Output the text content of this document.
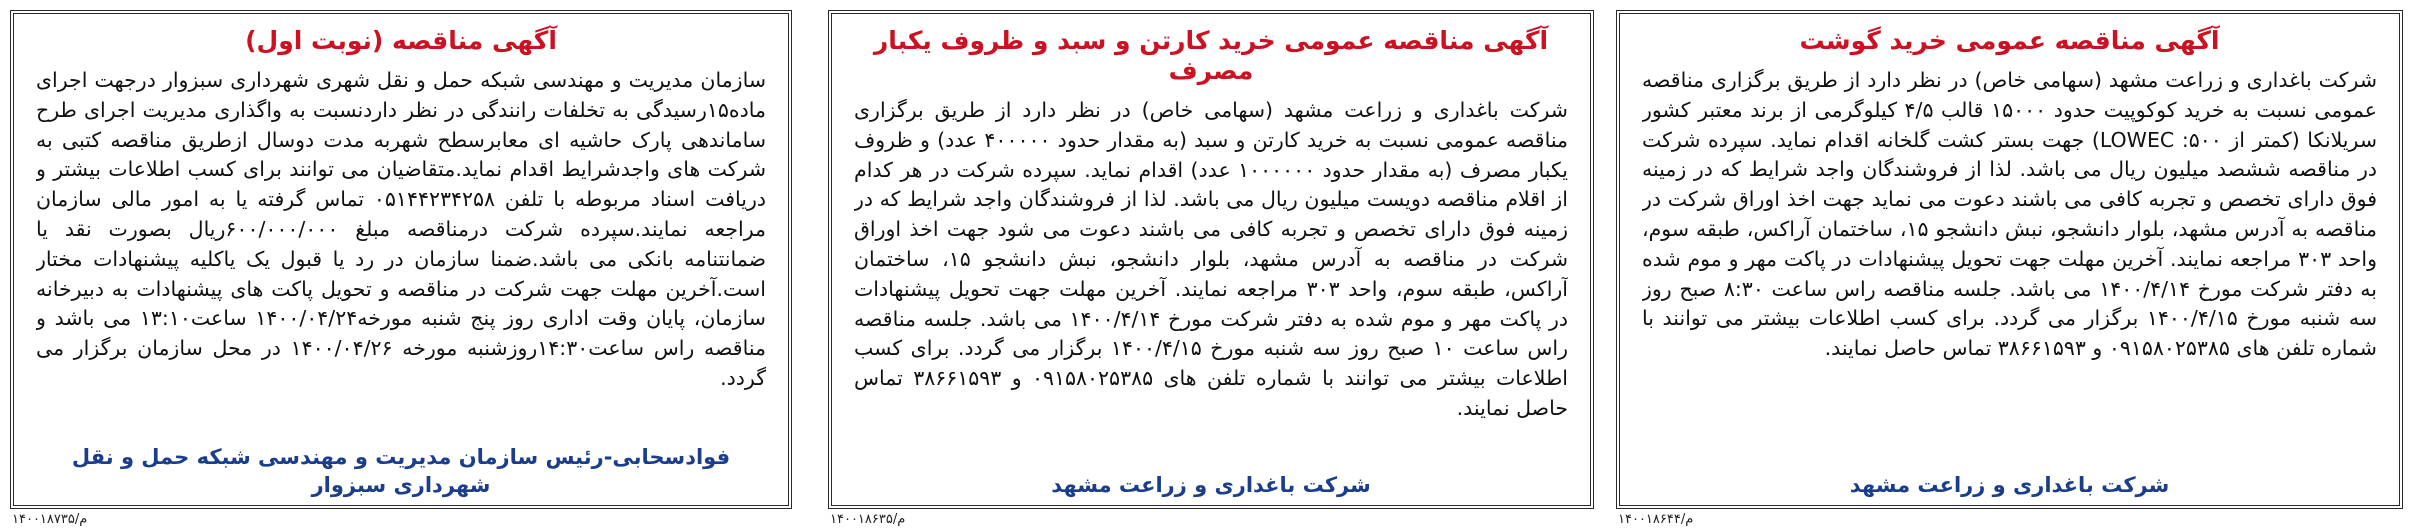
آگهی مناقصه (نوبت اول)
سازمان مدیریت و مهندسی شبکه حمل و نقل شهری شهرداری سبزوار درجهت اجرای ماده۱۵رسیدگی به تخلفات رانندگی در نظر داردنسبت به واگذاری مدیریت اجرای طرح ساماندهی پارک حاشیه ای معابرسطح شهربه مدت دوسال ازطریق مناقصه کتبی به شرکت های واجدشرایط اقدام نماید.متقاضیان می توانند برای کسب اطلاعات بیشتر و دریافت اسناد مربوطه با تلفن ۰۵۱۴۴۲۳۴۲۵۸ تماس گرفته یا به امور مالی سازمان مراجعه نمایند.سپرده شرکت درمناقصه مبلغ ۶۰۰/۰۰۰/۰۰۰ریال بصورت نقد یا ضمانتنامه بانکی می باشد.ضمنا سازمان در رد یا قبول یک یاکلیه پیشنهادات مختار است.آخرین مهلت جهت شرکت در مناقصه و تحویل پاکت های پیشنهادات به دبیرخانه سازمان، پایان وقت اداری روز پنج شنبه مورخه۱۴۰۰/۰۴/۲۴ ساعت۱۳:۱۰ می باشد و مناقصه راس ساعت۱۴:۳۰روزشنبه مورخه ۱۴۰۰/۰۴/۲۶ در محل سازمان برگزار می گردد.
فوادسحابی-رئیس سازمان مدیریت و مهندسی شبکه حمل و نقل شهرداری سبزوار
م/۱۴۰۰۱۸۷۳۵
آگهی مناقصه عمومی خرید کارتن و سبد و ظروف یکبار مصرف
شرکت باغداری و زراعت مشهد (سهامی خاص) در نظر دارد از طریق برگزاری مناقصه عمومی نسبت به خرید کارتن و سبد (به مقدار حدود ۴۰۰۰۰۰ عدد) و ظروف یکبار مصرف (به مقدار حدود ۱۰۰۰۰۰۰ عدد) اقدام نماید. سپرده شرکت در هر کدام از اقلام مناقصه دویست میلیون ریال می باشد. لذا از فروشندگان واجد شرایط که در زمینه فوق دارای تخصص و تجربه کافی می باشند دعوت می شود جهت اخذ اوراق شرکت در مناقصه به آدرس مشهد، بلوار دانشجو، نبش دانشجو ۱۵، ساختمان آراکس، طبقه سوم، واحد ۳۰۳ مراجعه نمایند. آخرین مهلت جهت تحویل پیشنهادات در پاکت مهر و موم شده به دفتر شرکت مورخ ۱۴۰۰/۴/۱۴ می باشد. جلسه مناقصه راس ساعت ۱۰ صبح روز سه شنبه مورخ ۱۴۰۰/۴/۱۵ برگزار می گردد. برای کسب اطلاعات بیشتر می توانند با شماره تلفن های ۰۹۱۵۸۰۲۵۳۸۵ و ۳۸۶۶۱۵۹۳ تماس حاصل نمایند.
شرکت باغداری و زراعت مشهد
م/۱۴۰۰۱۸۶۳۵
آگهی مناقصه عمومی خرید گوشت
شرکت باغداری و زراعت مشهد (سهامی خاص) در نظر دارد از طریق برگزاری مناقصه عمومی نسبت به خرید کوکوپیت حدود ۱۵۰۰۰ قالب ۴/۵ کیلوگرمی از برند معتبر کشور سریلانکا (کمتر از LOWEC :۵۰۰) جهت بستر کشت گلخانه اقدام نماید. سپرده شرکت در مناقصه ششصد میلیون ریال می باشد. لذا از فروشندگان واجد شرایط که در زمینه فوق دارای تخصص و تجربه کافی می باشند دعوت می نماید جهت اخذ اوراق شرکت در مناقصه به آدرس مشهد، بلوار دانشجو، نبش دانشجو ۱۵، ساختمان آراکس، طبقه سوم، واحد ۳۰۳ مراجعه نمایند. آخرین مهلت جهت تحویل پیشنهادات در پاکت مهر و موم شده به دفتر شرکت مورخ ۱۴۰۰/۴/۱۴ می باشد. جلسه مناقصه راس ساعت ۸:۳۰ صبح روز سه شنبه مورخ ۱۴۰۰/۴/۱۵ برگزار می گردد. برای کسب اطلاعات بیشتر می توانند با شماره تلفن های ۰۹۱۵۸۰۲۵۳۸۵ و ۳۸۶۶۱۵۹۳ تماس حاصل نمایند.
شرکت باغداری و زراعت مشهد
م/۱۴۰۰۱۸۶۴۴
